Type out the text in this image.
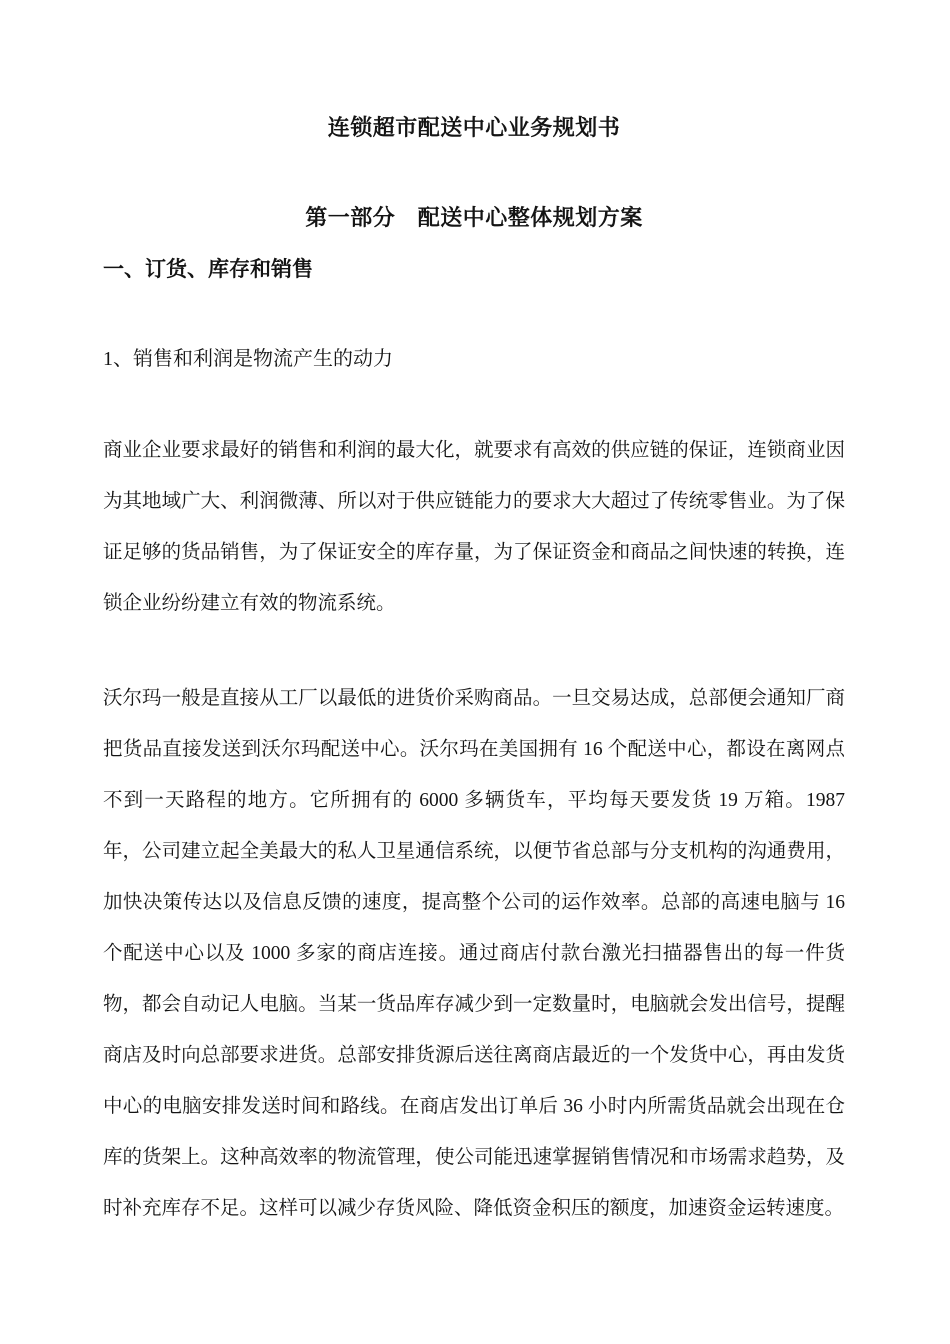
连锁超市配送中心业务规划书
第一部分　配送中心整体规划方案
一、订货、库存和销售

1、销售和利润是物流产生的动力

商业企业要求最好的销售和利润的最大化，就要求有高效的供应链的保证，连锁商业因为其地域广大、利润微薄、所以对于供应链能力的要求大大超过了传统零售业。为了保证足够的货品销售，为了保证安全的库存量，为了保证资金和商品之间快速的转换，连锁企业纷纷建立有效的物流系统。

沃尔玛一般是直接从工厂以最低的进货价采购商品。一旦交易达成，总部便会通知厂商把货品直接发送到沃尔玛配送中心。沃尔玛在美国拥有 16 个配送中心，都设在离网点不到一天路程的地方。它所拥有的 6000 多辆货车，平均每天要发货 19 万箱。1987 年，公司建立起全美最大的私人卫星通信系统，以便节省总部与分支机构的沟通费用，加快决策传达以及信息反馈的速度，提高整个公司的运作效率。总部的高速电脑与 16 个配送中心以及 1000 多家的商店连接。通过商店付款台激光扫描器售出的每一件货物，都会自动记人电脑。当某一货品库存减少到一定数量时，电脑就会发出信号，提醒商店及时向总部要求进货。总部安排货源后送往离商店最近的一个发货中心，再由发货中心的电脑安排发送时间和路线。在商店发出订单后 36 小时内所需货品就会出现在仓库的货架上。这种高效率的物流管理，使公司能迅速掌握销售情况和市场需求趋势，及时补充库存不足。这样可以减少存货风险、降低资金积压的额度，加速资金运转速度。
